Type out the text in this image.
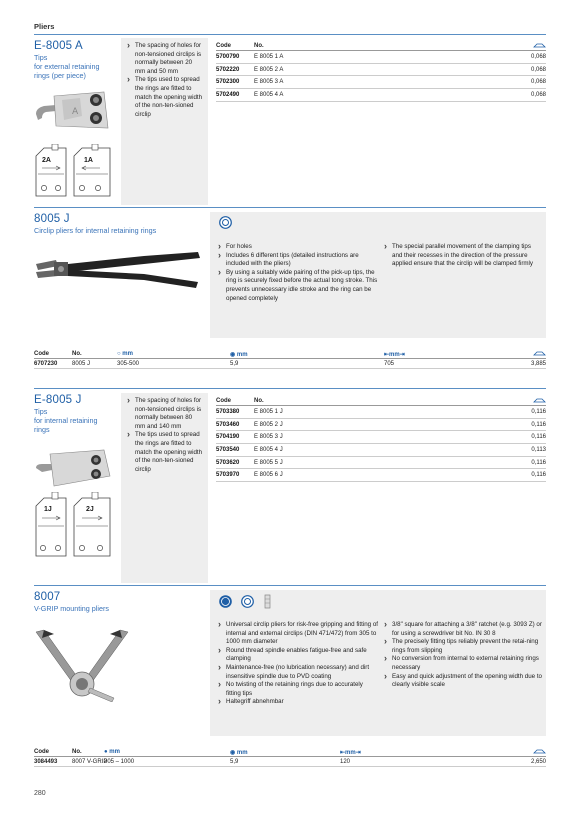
Pliers
E-8005 A
Tips
for external retaining
rings (per piece)
A
2A	1A
› The spacing of holes for non-tensioned circlips is normally between 20 mm and 50 mm
› The tips used to spread the rings are fitted to match the opening width of the non-ten-sioned circlip
Code	No.
5700790	E 8005 1 A	0,068
5702220	E 8005 2 A	0,068
5702300	E 8005 3 A	0,068
5702490	E 8005 4 A	0,068
8005 J
Circlip pliers for internal retaining rings
› For holes
› Includes 6 different tips (detailed instructions are included with the pliers)
› By using a suitably wide pairing of the pick-up tips, the ring is securely fixed before the actual tong stroke. This prevents unnecessary idle stroke and the ring can be opened completely
› The special parallel movement of the clamping tips and their recesses in the direction of the pressure applied ensure that the circlip will be clamped firmly
Code	No.	○ mm	◉ mm	⇤mm⇥
6707230 8005 J	305-500	5,9	705	3,885
E-8005 J
Tips
for internal retaining
rings
1J	2J
› The spacing of holes for non-tensioned circlips is normally between 80 mm and 140 mm
› The tips used to spread the rings are fitted to match the opening width of the non-ten-sioned circlip
Code	No.
5703380	E 8005 1 J	0,116
5703460	E 8005 2 J	0,116
5704190	E 8005 3 J	0,116
5703540	E 8005 4 J	0,113
5703620	E 8005 5 J	0,116
5703970	E 8005 6 J	0,116
8007
V-GRIP mounting pliers
› Universal circlip pliers for risk-free gripping and fitting of internal and external circlips (DIN 471/472) from 305 to 1000 mm diameter
› Round thread spindle enables fatigue-free and safe clamping
› Maintenance-free (no lubrication necessary) and dirt insensitive spindle due to PVD coating
› No twisting of the retaining rings due to accurately fitting tips
› Haltegriff abnehmbar
› 3/8" square for attaching a 3/8" ratchet (e.g. 3093 Z) or for using a screwdriver bit No. IN 30 8
› The precisely fitting tips reliably prevent the retai-ning rings from slipping
› No conversion from internal to external retaining rings necessary
› Easy and quick adjustment of the opening width due to clearly visible scale
Code	No.	● mm	◉ mm	⇤mm⇥
3084493 8007 V-GRIP
305 – 1000	5,9	120	2,650
280
